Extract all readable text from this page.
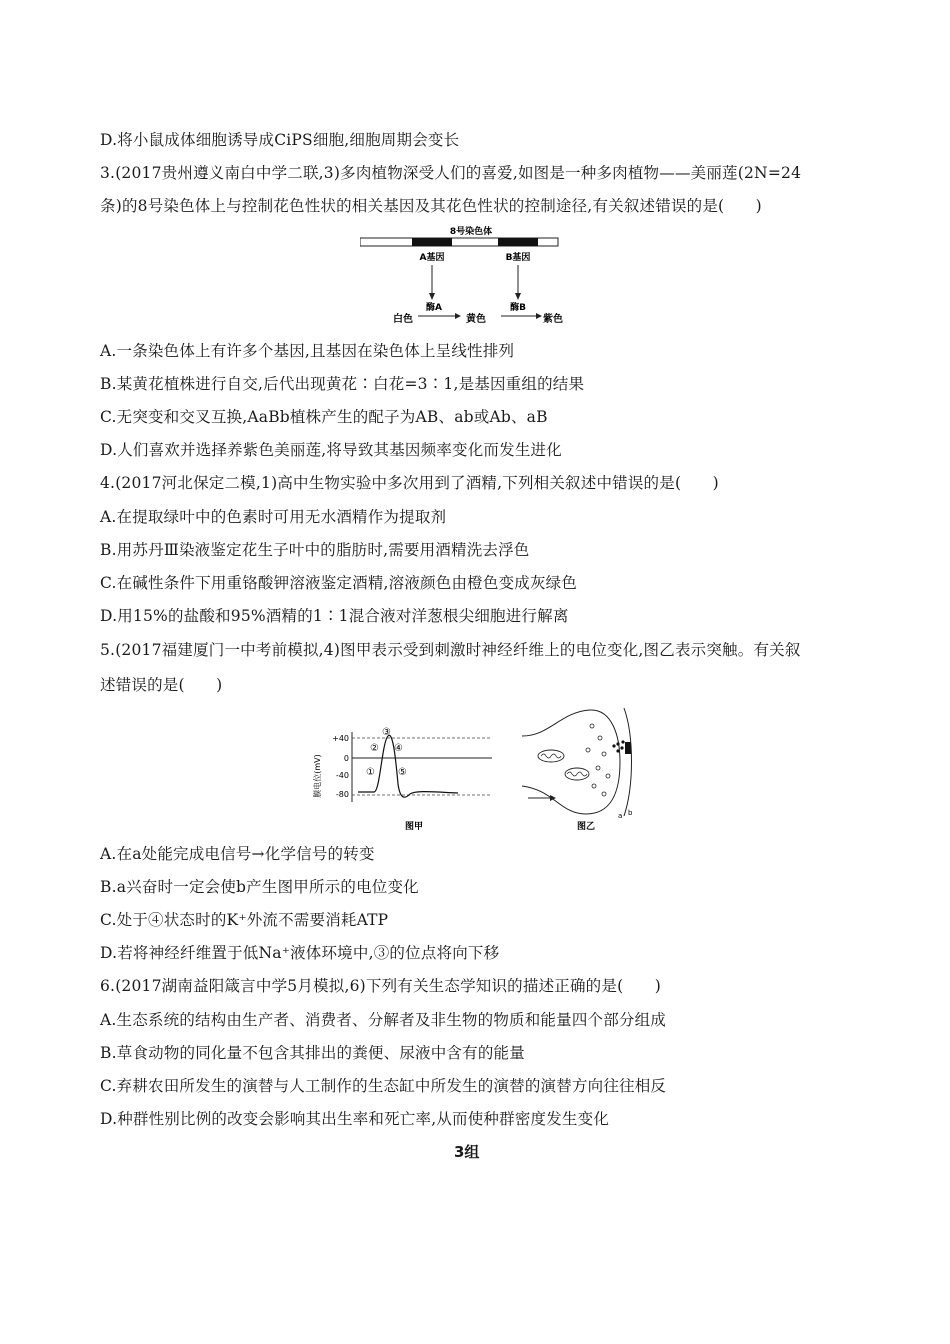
D.将小鼠成体细胞诱导成CiPS细胞,细胞周期会变长
3.(2017贵州遵义南白中学二联,3)多肉植物深受人们的喜爱,如图是一种多肉植物——美丽莲(2N=24
条)的8号染色体上与控制花色性状的相关基因及其花色性状的控制途径,有关叙述错误的是(　　)
8号染色体
A基因	B基因
酶A	酶B
白色	黄色	紫色
A.一条染色体上有许多个基因,且基因在染色体上呈线性排列
B.某黄花植株进行自交,后代出现黄花∶白花=3∶1,是基因重组的结果
C.无突变和交叉互换,AaBb植株产生的配子为AB、ab或Ab、aB
D.人们喜欢并选择养紫色美丽莲,将导致其基因频率变化而发生进化
4.(2017河北保定二模,1)高中生物实验中多次用到了酒精,下列相关叙述中错误的是(　　)
A.在提取绿叶中的色素时可用无水酒精作为提取剂
B.用苏丹Ⅲ染液鉴定花生子叶中的脂肪时,需要用酒精洗去浮色
C.在碱性条件下用重铬酸钾溶液鉴定酒精,溶液颜色由橙色变成灰绿色
D.用15%的盐酸和95%酒精的1∶1混合液对洋葱根尖细胞进行解离
5.(2017福建厦门一中考前模拟,4)图甲表示受到刺激时神经纤维上的电位变化,图乙表示突触。有关叙
述错误的是(　　)
膜电位(mV)
+40
0
-40
-80
①
②
③
④
⑤
图甲
a b
图乙
A.在a处能完成电信号→化学信号的转变
B.a兴奋时一定会使b产生图甲所示的电位变化
C.处于④状态时的K⁺外流不需要消耗ATP
D.若将神经纤维置于低Na⁺液体环境中,③的位点将向下移
6.(2017湖南益阳箴言中学5月模拟,6)下列有关生态学知识的描述正确的是(　　)
A.生态系统的结构由生产者、消费者、分解者及非生物的物质和能量四个部分组成
B.草食动物的同化量不包含其排出的粪便、尿液中含有的能量
C.弃耕农田所发生的演替与人工制作的生态缸中所发生的演替的演替方向往往相反
D.种群性别比例的改变会影响其出生率和死亡率,从而使种群密度发生变化
3组
